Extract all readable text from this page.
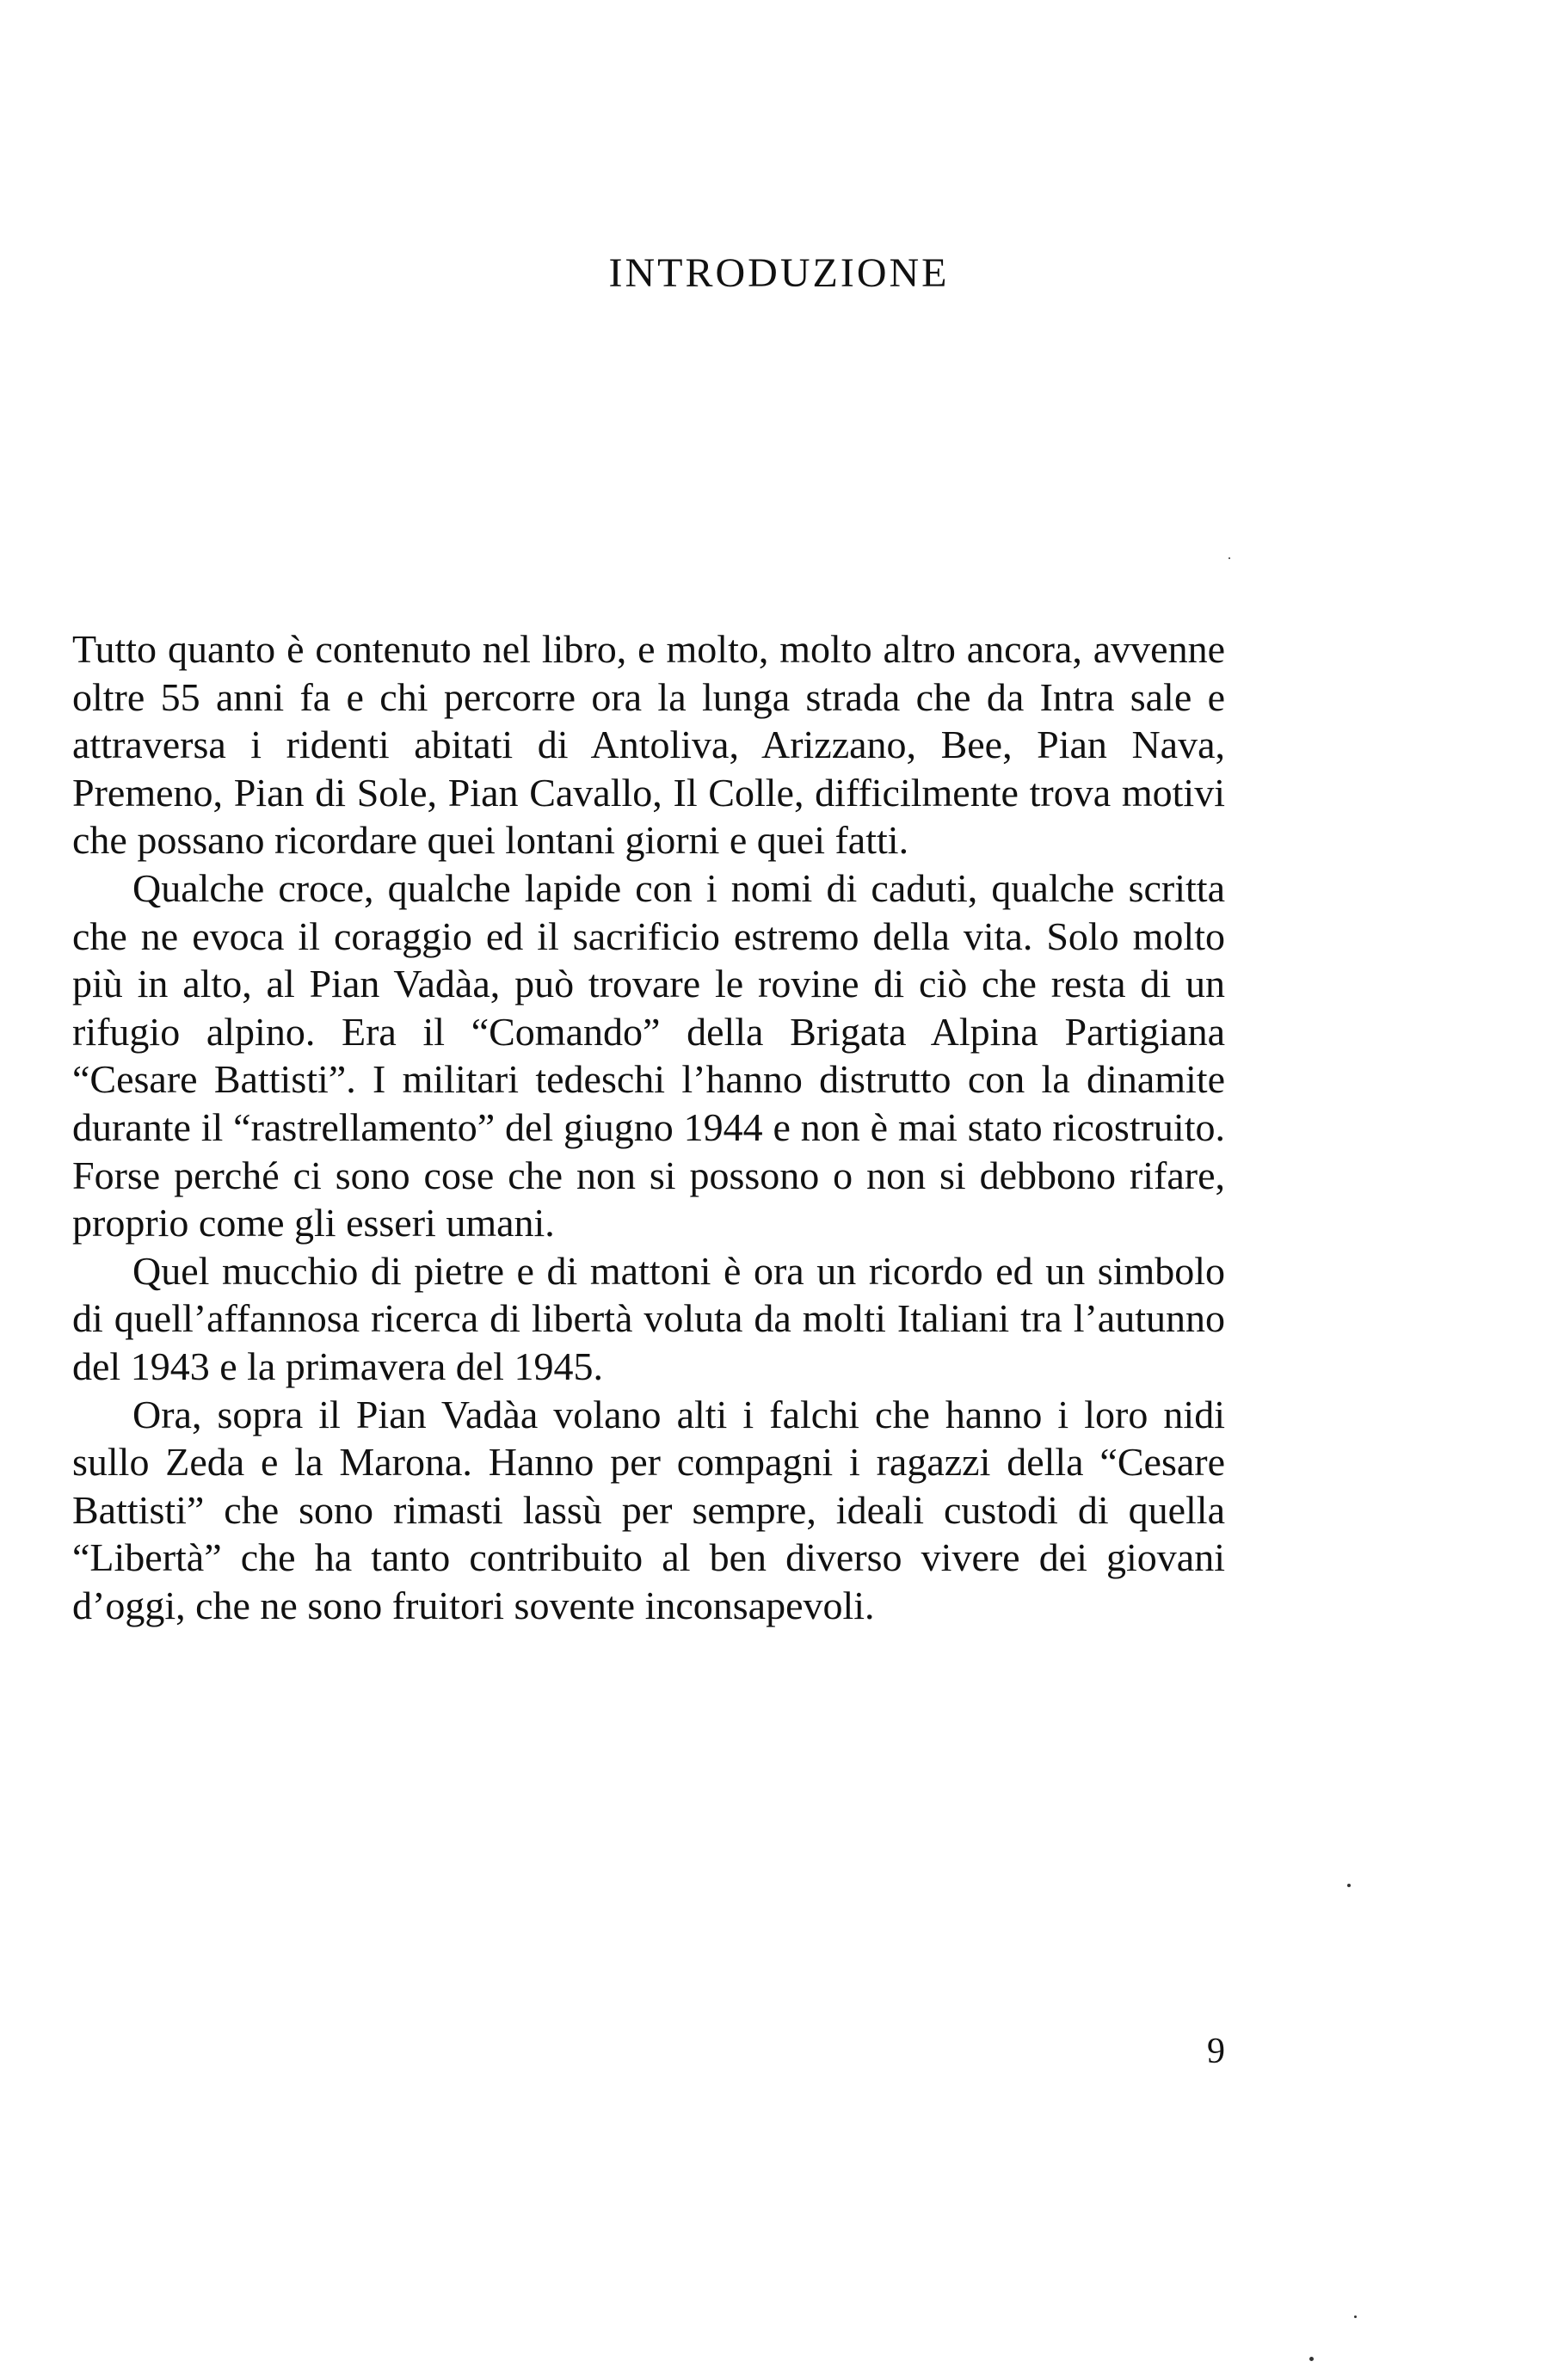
INTRODUZIONE

Tutto quanto è contenuto nel libro, e molto, molto altro ancora, avvenne oltre 55 anni fa e chi percorre ora la lunga strada che da Intra sale e attraversa i ridenti abitati di Antoliva, Arizzano, Bee, Pian Nava, Premeno, Pian di Sole, Pian Cavallo, Il Colle, difficilmente trova motivi che possano ricordare quei lontani giorni e quei fatti.

Qualche croce, qualche lapide con i nomi di caduti, qualche scritta che ne evoca il coraggio ed il sacrificio estremo della vita. Solo molto più in alto, al Pian Vadàa, può trovare le rovine di ciò che resta di un rifugio alpino. Era il “Comando” della Brigata Alpina Partigiana “Cesare Battisti”. I militari tedeschi l’hanno distrutto con la dinamite durante il “rastrellamento” del giugno 1944 e non è mai stato ricostruito. Forse perché ci sono cose che non si possono o non si debbono rifare, proprio come gli esseri umani.

Quel mucchio di pietre e di mattoni è ora un ricordo ed un simbolo di quell’affannosa ricerca di libertà voluta da molti Italiani tra l’autunno del 1943 e la primavera del 1945.

Ora, sopra il Pian Vadàa volano alti i falchi che hanno i loro nidi sullo Zeda e la Marona. Hanno per compagni i ragazzi della “Cesare Battisti” che sono rimasti lassù per sempre, ideali custodi di quella “Libertà” che ha tanto contribuito al ben diverso vivere dei giovani d’oggi, che ne sono fruitori sovente inconsapevoli.

9
